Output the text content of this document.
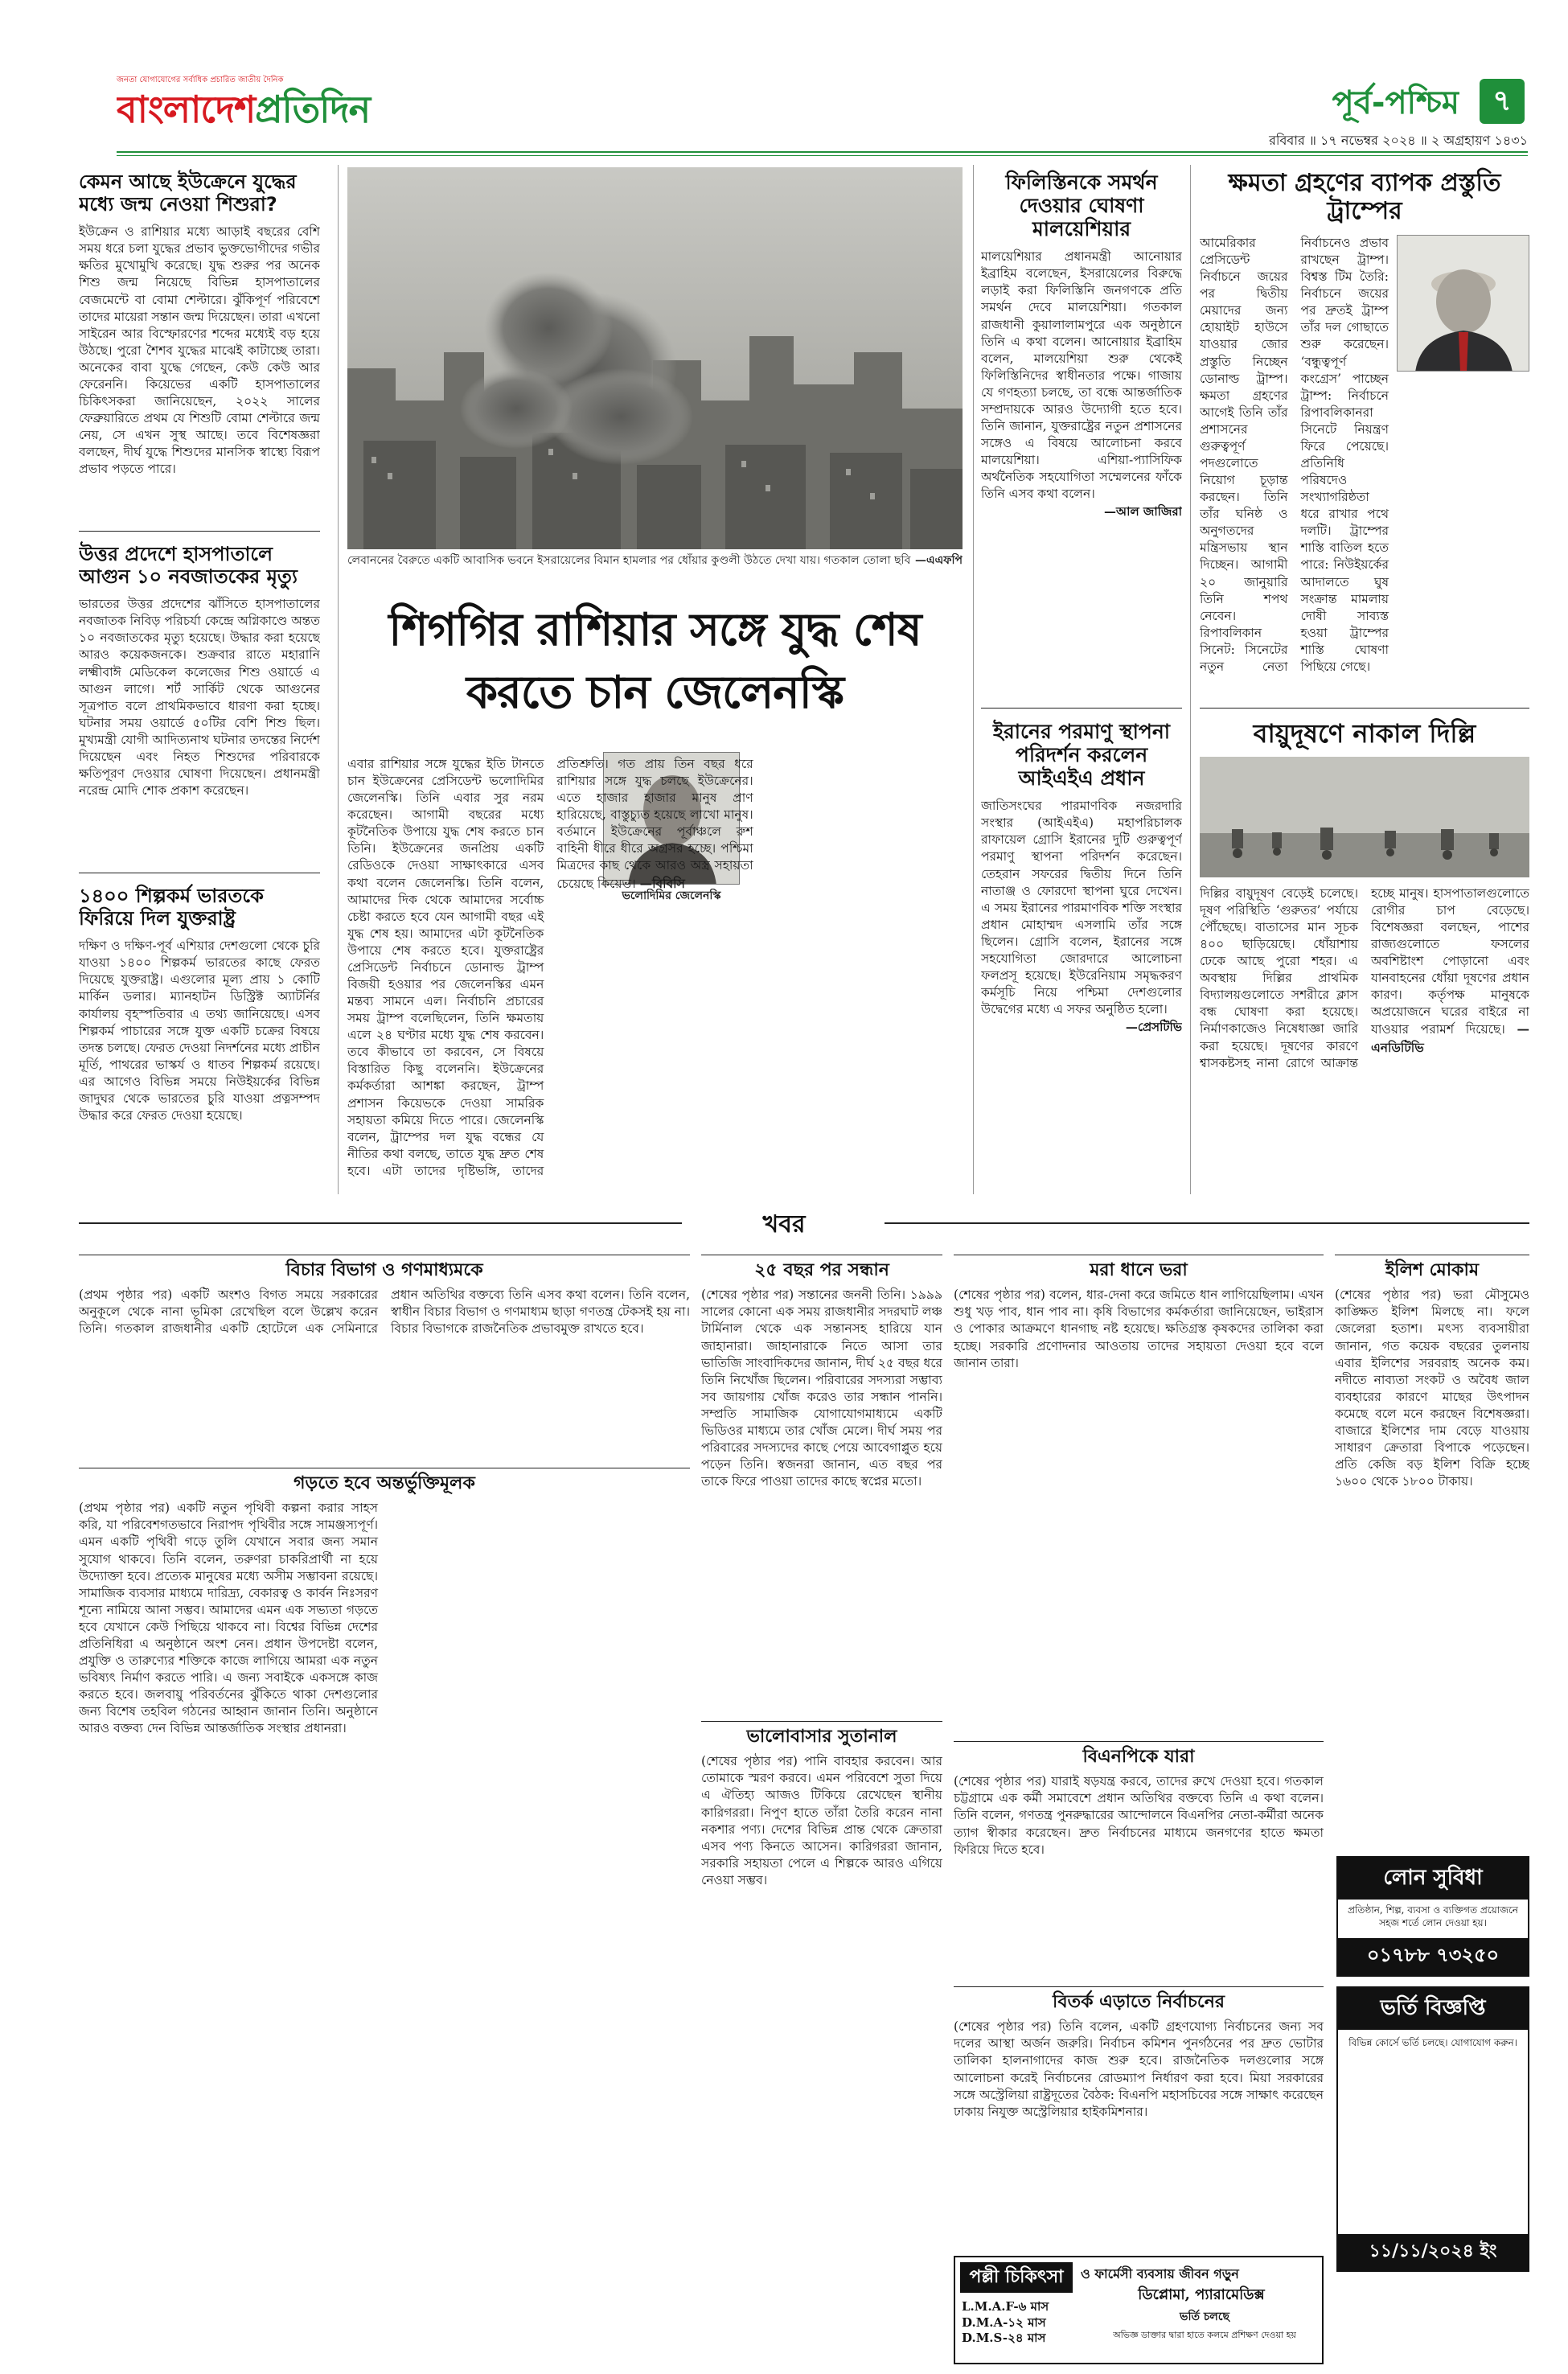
জনতা যোগাযোগের সর্বাধিক প্রচারিত জাতীয় দৈনিক
বাংলাদেশপ্রতিদিন	পূর্ব-পশ্চিম	৭
রবিবার ॥ ১৭ নভেম্বর ২০২৪ ॥ ২ অগ্রহায়ণ ১৪৩১
কেমন আছে ইউক্রেনে যুদ্ধের মধ্যে জন্ম নেওয়া শিশুরা?
ইউক্রেন ও রাশিয়ার মধ্যে আড়াই বছরের বেশি সময় ধরে চলা যুদ্ধের প্রভাব ভুক্তভোগীদের গভীর ক্ষতির মুখোমুখি করেছে। যুদ্ধ শুরুর পর অনেক শিশু জন্ম নিয়েছে বিভিন্ন হাসপাতালের বেজমেন্টে বা বোমা শেল্টারে। ঝুঁকিপূর্ণ পরিবেশে তাদের মায়েরা সন্তান জন্ম দিয়েছেন। তারা এখনো সাইরেন আর বিস্ফোরণের শব্দের মধ্যেই বড় হয়ে উঠছে। পুরো শৈশব যুদ্ধের মাঝেই কাটাচ্ছে তারা। অনেকের বাবা যুদ্ধে গেছেন, কেউ কেউ আর ফেরেননি। কিয়েভের একটি হাসপাতালের চিকিৎসকরা জানিয়েছেন, ২০২২ সালের ফেব্রুয়ারিতে প্রথম যে শিশুটি বোমা শেল্টারে জন্ম নেয়, সে এখন সুস্থ আছে। তবে বিশেষজ্ঞরা বলছেন, দীর্ঘ যুদ্ধে শিশুদের মানসিক স্বাস্থ্যে বিরূপ প্রভাব পড়তে পারে।
উত্তর প্রদেশে হাসপাতালে আগুন ১০ নবজাতকের মৃত্যু
ভারতের উত্তর প্রদেশের ঝাঁসিতে হাসপাতালের নবজাতক নিবিড় পরিচর্যা কেন্দ্রে অগ্নিকাণ্ডে অন্তত ১০ নবজাতকের মৃত্যু হয়েছে। উদ্ধার করা হয়েছে আরও কয়েকজনকে। শুক্রবার রাতে মহারানি লক্ষ্মীবাঈ মেডিকেল কলেজের শিশু ওয়ার্ডে এ আগুন লাগে। শর্ট সার্কিট থেকে আগুনের সূত্রপাত বলে প্রাথমিকভাবে ধারণা করা হচ্ছে। ঘটনার সময় ওয়ার্ডে ৫০টির বেশি শিশু ছিল। মুখ্যমন্ত্রী যোগী আদিত্যনাথ ঘটনার তদন্তের নির্দেশ দিয়েছেন এবং নিহত শিশুদের পরিবারকে ক্ষতিপূরণ দেওয়ার ঘোষণা দিয়েছেন। প্রধানমন্ত্রী নরেন্দ্র মোদি শোক প্রকাশ করেছেন।
১৪০০ শিল্পকর্ম ভারতকে ফিরিয়ে দিল যুক্তরাষ্ট্র
দক্ষিণ ও দক্ষিণ-পূর্ব এশিয়ার দেশগুলো থেকে চুরি যাওয়া ১৪০০ শিল্পকর্ম ভারতের কাছে ফেরত দিয়েছে যুক্তরাষ্ট্র। এগুলোর মূল্য প্রায় ১ কোটি মার্কিন ডলার। ম্যানহাটন ডিস্ট্রিক্ট অ্যাটর্নির কার্যালয় বৃহস্পতিবার এ তথ্য জানিয়েছে। এসব শিল্পকর্ম পাচারের সঙ্গে যুক্ত একটি চক্রের বিষয়ে তদন্ত চলছে। ফেরত দেওয়া নিদর্শনের মধ্যে প্রাচীন মূর্তি, পাথরের ভাস্কর্য ও ধাতব শিল্পকর্ম রয়েছে। এর আগেও বিভিন্ন সময়ে নিউইয়র্কের বিভিন্ন জাদুঘর থেকে ভারতের চুরি যাওয়া প্রত্নসম্পদ উদ্ধার করে ফেরত দেওয়া হয়েছে।
লেবাননের বৈরুতে একটি আবাসিক ভবনে ইসরায়েলের বিমান হামলার পর ধোঁয়ার কুণ্ডলী উঠতে দেখা যায়। গতকাল তোলা ছবি —এএফপি
শিগগির রাশিয়ার সঙ্গে যুদ্ধ শেষ করতে চান জেলেনস্কি
ভলোদিমির জেলেনস্কি
এবার রাশিয়ার সঙ্গে যুদ্ধের ইতি টানতে চান ইউক্রেনের প্রেসিডেন্ট ভলোদিমির জেলেনস্কি। তিনি এবার সুর নরম করেছেন। আগামী বছরের মধ্যে কূটনৈতিক উপায়ে যুদ্ধ শেষ করতে চান তিনি। ইউক্রেনের জনপ্রিয় একটি রেডিওকে দেওয়া সাক্ষাৎকারে এসব কথা বলেন জেলেনস্কি। তিনি বলেন, আমাদের দিক থেকে আমাদের সর্বোচ্চ চেষ্টা করতে হবে যেন আগামী বছর এই যুদ্ধ শেষ হয়। আমাদের এটা কূটনৈতিক উপায়ে শেষ করতে হবে। যুক্তরাষ্ট্রের প্রেসিডেন্ট নির্বাচনে ডোনাল্ড ট্রাম্প বিজয়ী হওয়ার পর জেলেনস্কির এমন মন্তব্য সামনে এল। নির্বাচনি প্রচারের সময় ট্রাম্প বলেছিলেন, তিনি ক্ষমতায় এলে ২৪ ঘণ্টার মধ্যে যুদ্ধ শেষ করবেন। তবে কীভাবে তা করবেন, সে বিষয়ে বিস্তারিত কিছু বলেননি। ইউক্রেনের কর্মকর্তারা আশঙ্কা করছেন, ট্রাম্প প্রশাসন কিয়েভকে দেওয়া সামরিক সহায়তা কমিয়ে দিতে পারে। জেলেনস্কি বলেন, ট্রাম্পের দল যুদ্ধ বন্ধের যে নীতির কথা বলছে, তাতে যুদ্ধ দ্রুত শেষ হবে। এটা তাদের দৃষ্টিভঙ্গি, তাদের প্রতিশ্রুতি। গত প্রায় তিন বছর ধরে রাশিয়ার সঙ্গে যুদ্ধ চলছে ইউক্রেনের। এতে হাজার হাজার মানুষ প্রাণ হারিয়েছে, বাস্তুচ্যুত হয়েছে লাখো মানুষ। বর্তমানে ইউক্রেনের পূর্বাঞ্চলে রুশ বাহিনী ধীরে ধীরে অগ্রসর হচ্ছে। পশ্চিমা মিত্রদের কাছ থেকে আরও অস্ত্র সহায়তা চেয়েছে কিয়েভ। —বিবিসি
ফিলিস্তিনকে সমর্থন দেওয়ার ঘোষণা মালয়েশিয়ার
মালয়েশিয়ার প্রধানমন্ত্রী আনোয়ার ইব্রাহিম বলেছেন, ইসরায়েলের বিরুদ্ধে লড়াই করা ফিলিস্তিনি জনগণকে প্রতি সমর্থন দেবে মালয়েশিয়া। গতকাল রাজধানী কুয়ালালামপুরে এক অনুষ্ঠানে তিনি এ কথা বলেন। আনোয়ার ইব্রাহিম বলেন, মালয়েশিয়া শুরু থেকেই ফিলিস্তিনিদের স্বাধীনতার পক্ষে। গাজায় যে গণহত্যা চলছে, তা বন্ধে আন্তর্জাতিক সম্প্রদায়কে আরও উদ্যোগী হতে হবে। তিনি জানান, যুক্তরাষ্ট্রের নতুন প্রশাসনের সঙ্গেও এ বিষয়ে আলোচনা করবে মালয়েশিয়া। এশিয়া-প্যাসিফিক অর্থনৈতিক সহযোগিতা সম্মেলনের ফাঁকে তিনি এসব কথা বলেন।
—আল জাজিরা
ইরানের পরমাণু স্থাপনা পরিদর্শন করলেন আইএইএ প্রধান
জাতিসংঘের পারমাণবিক নজরদারি সংস্থার (আইএইএ) মহাপরিচালক রাফায়েল গ্রোসি ইরানের দুটি গুরুত্বপূর্ণ পরমাণু স্থাপনা পরিদর্শন করেছেন। তেহরান সফরের দ্বিতীয় দিনে তিনি নাতাঞ্জ ও ফোরদো স্থাপনা ঘুরে দেখেন। এ সময় ইরানের পারমাণবিক শক্তি সংস্থার প্রধান মোহাম্মদ এসলামি তাঁর সঙ্গে ছিলেন। গ্রোসি বলেন, ইরানের সঙ্গে সহযোগিতা জোরদারে আলোচনা ফলপ্রসূ হয়েছে। ইউরেনিয়াম সমৃদ্ধকরণ কর্মসূচি নিয়ে পশ্চিমা দেশগুলোর উদ্বেগের মধ্যে এ সফর অনুষ্ঠিত হলো।
—প্রেসটিভি
ক্ষমতা গ্রহণের ব্যাপক প্রস্তুতি ট্রাম্পের
আমেরিকার প্রেসিডেন্ট নির্বাচনে জয়ের পর দ্বিতীয় মেয়াদের জন্য হোয়াইট হাউসে যাওয়ার জোর প্রস্তুতি নিচ্ছেন ডোনাল্ড ট্রাম্প। ক্ষমতা গ্রহণের আগেই তিনি তাঁর প্রশাসনের গুরুত্বপূর্ণ পদগুলোতে নিয়োগ চূড়ান্ত করছেন। তিনি তাঁর ঘনিষ্ঠ ও অনুগতদের মন্ত্রিসভায় স্থান দিচ্ছেন। আগামী ২০ জানুয়ারি তিনি শপথ নেবেন। রিপাবলিকান সিনেট: সিনেটের নতুন নেতা নির্বাচনেও প্রভাব রাখছেন ট্রাম্প। বিশ্বস্ত টিম তৈরি: নির্বাচনে জয়ের পর দ্রুতই ট্রাম্প তাঁর দল গোছাতে শুরু করেছেন। ‘বন্ধুত্বপূর্ণ কংগ্রেস’ পাচ্ছেন ট্রাম্প: নির্বাচনে রিপাবলিকানরা সিনেটে নিয়ন্ত্রণ ফিরে পেয়েছে। প্রতিনিধি পরিষদেও সংখ্যাগরিষ্ঠতা ধরে রাখার পথে দলটি। ট্রাম্পের শাস্তি বাতিল হতে পারে: নিউইয়র্কের আদালতে ঘুষ সংক্রান্ত মামলায় দোষী সাব্যস্ত হওয়া ট্রাম্পের শাস্তি ঘোষণা পিছিয়ে গেছে।
বায়ুদূষণে নাকাল দিল্লি
দিল্লির বায়ুদূষণ বেড়েই চলেছে। দূষণ পরিস্থিতি ‘গুরুতর’ পর্যায়ে পৌঁছেছে। বাতাসের মান সূচক ৪০০ ছাড়িয়েছে। ধোঁয়াশায় ঢেকে আছে পুরো শহর। এ অবস্থায় দিল্লির প্রাথমিক বিদ্যালয়গুলোতে সশরীরে ক্লাস বন্ধ ঘোষণা করা হয়েছে। নির্মাণকাজেও নিষেধাজ্ঞা জারি করা হয়েছে। দূষণের কারণে শ্বাসকষ্টসহ নানা রোগে আক্রান্ত হচ্ছে মানুষ। হাসপাতালগুলোতে রোগীর চাপ বেড়েছে। বিশেষজ্ঞরা বলছেন, পাশের রাজ্যগুলোতে ফসলের অবশিষ্টাংশ পোড়ানো এবং যানবাহনের ধোঁয়া দূষণের প্রধান কারণ। কর্তৃপক্ষ মানুষকে অপ্রয়োজনে ঘরের বাইরে না যাওয়ার পরামর্শ দিয়েছে। —এনডিটিভি
খবর
বিচার বিভাগ ও গণমাধ্যমকে
(প্রথম পৃষ্ঠার পর) একটি অংশও বিগত সময়ে সরকারের অনুকূলে থেকে নানা ভূমিকা রেখেছিল বলে উল্লেখ করেন তিনি। গতকাল রাজধানীর একটি হোটেলে এক সেমিনারে প্রধান অতিথির বক্তব্যে তিনি এসব কথা বলেন। তিনি বলেন, স্বাধীন বিচার বিভাগ ও গণমাধ্যম ছাড়া গণতন্ত্র টেকসই হয় না। বিচার বিভাগকে রাজনৈতিক প্রভাবমুক্ত রাখতে হবে।
গড়তে হবে অন্তর্ভুক্তিমূলক
(প্রথম পৃষ্ঠার পর) একটি নতুন পৃথিবী কল্পনা করার সাহস করি, যা পরিবেশগতভাবে নিরাপদ পৃথিবীর সঙ্গে সামঞ্জস্যপূর্ণ। এমন একটি পৃথিবী গড়ে তুলি যেখানে সবার জন্য সমান সুযোগ থাকবে। তিনি বলেন, তরুণরা চাকরিপ্রার্থী না হয়ে উদ্যোক্তা হবে। প্রত্যেক মানুষের মধ্যে অসীম সম্ভাবনা রয়েছে। সামাজিক ব্যবসার মাধ্যমে দারিদ্র্য, বেকারত্ব ও কার্বন নিঃসরণ শূন্যে নামিয়ে আনা সম্ভব। আমাদের এমন এক সভ্যতা গড়তে হবে যেখানে কেউ পিছিয়ে থাকবে না। বিশ্বের বিভিন্ন দেশের প্রতিনিধিরা এ অনুষ্ঠানে অংশ নেন। প্রধান উপদেষ্টা বলেন, প্রযুক্তি ও তারুণ্যের শক্তিকে কাজে লাগিয়ে আমরা এক নতুন ভবিষ্যৎ নির্মাণ করতে পারি। এ জন্য সবাইকে একসঙ্গে কাজ করতে হবে। জলবায়ু পরিবর্তনের ঝুঁকিতে থাকা দেশগুলোর জন্য বিশেষ তহবিল গঠনের আহ্বান জানান তিনি। অনুষ্ঠানে আরও বক্তব্য দেন বিভিন্ন আন্তর্জাতিক সংস্থার প্রধানরা।
২৫ বছর পর সন্ধান
(শেষের পৃষ্ঠার পর) সন্তানের জননী তিনি। ১৯৯৯ সালের কোনো এক সময় রাজধানীর সদরঘাট লঞ্চ টার্মিনাল থেকে এক সন্তানসহ হারিয়ে যান জাহানারা। জাহানারাকে নিতে আসা তার ভাতিজি সাংবাদিকদের জানান, দীর্ঘ ২৫ বছর ধরে তিনি নিখোঁজ ছিলেন। পরিবারের সদস্যরা সম্ভাব্য সব জায়গায় খোঁজ করেও তার সন্ধান পাননি। সম্প্রতি সামাজিক যোগাযোগমাধ্যমে একটি ভিডিওর মাধ্যমে তার খোঁজ মেলে। দীর্ঘ সময় পর পরিবারের সদস্যদের কাছে পেয়ে আবেগাপ্লুত হয়ে পড়েন তিনি। স্বজনরা জানান, এত বছর পর তাকে ফিরে পাওয়া তাদের কাছে স্বপ্নের মতো।
ভালোবাসার সুতানাল
(শেষের পৃষ্ঠার পর) পানি বাবহার করবেন। আর তোমাকে স্মরণ করবে। এমন পরিবেশে সুতা দিয়ে এ ঐতিহ্য আজও টিকিয়ে রেখেছেন স্থানীয় কারিগররা। নিপুণ হাতে তাঁরা তৈরি করেন নানা নকশার পণ্য। দেশের বিভিন্ন প্রান্ত থেকে ক্রেতারা এসব পণ্য কিনতে আসেন। কারিগররা জানান, সরকারি সহায়তা পেলে এ শিল্পকে আরও এগিয়ে নেওয়া সম্ভব।
মরা ধানে ভরা
(শেষের পৃষ্ঠার পর) বলেন, ধার-দেনা করে জমিতে ধান লাগিয়েছিলাম। এখন শুধু খড় পাব, ধান পাব না। কৃষি বিভাগের কর্মকর্তারা জানিয়েছেন, ভাইরাস ও পোকার আক্রমণে ধানগাছ নষ্ট হয়েছে। ক্ষতিগ্রস্ত কৃষকদের তালিকা করা হচ্ছে। সরকারি প্রণোদনার আওতায় তাদের সহায়তা দেওয়া হবে বলে জানান তারা।
বিএনপিকে যারা
(শেষের পৃষ্ঠার পর) যারাই ষড়যন্ত্র করবে, তাদের রুখে দেওয়া হবে। গতকাল চট্টগ্রামে এক কর্মী সমাবেশে প্রধান অতিথির বক্তব্যে তিনি এ কথা বলেন। তিনি বলেন, গণতন্ত্র পুনরুদ্ধারের আন্দোলনে বিএনপির নেতা-কর্মীরা অনেক ত্যাগ স্বীকার করেছেন। দ্রুত নির্বাচনের মাধ্যমে জনগণের হাতে ক্ষমতা ফিরিয়ে দিতে হবে।
বিতর্ক এড়াতে নির্বাচনের
(শেষের পৃষ্ঠার পর) তিনি বলেন, একটি গ্রহণযোগ্য নির্বাচনের জন্য সব দলের আস্থা অর্জন জরুরি। নির্বাচন কমিশন পুনর্গঠনের পর দ্রুত ভোটার তালিকা হালনাগাদের কাজ শুরু হবে। রাজনৈতিক দলগুলোর সঙ্গে আলোচনা করেই নির্বাচনের রোডম্যাপ নির্ধারণ করা হবে। মিয়া সরকারের সঙ্গে অস্ট্রেলিয়া রাষ্ট্রদূতের বৈঠক: বিএনপি মহাসচিবের সঙ্গে সাক্ষাৎ করেছেন ঢাকায় নিযুক্ত অস্ট্রেলিয়ার হাইকমিশনার।
ইলিশ মোকাম
(শেষের পৃষ্ঠার পর) ভরা মৌসুমেও কাঙ্ক্ষিত ইলিশ মিলছে না। ফলে জেলেরা হতাশ। মৎস্য ব্যবসায়ীরা জানান, গত কয়েক বছরের তুলনায় এবার ইলিশের সরবরাহ অনেক কম। নদীতে নাব্যতা সংকট ও অবৈধ জাল ব্যবহারের কারণে মাছের উৎপাদন কমেছে বলে মনে করছেন বিশেষজ্ঞরা। বাজারে ইলিশের দাম বেড়ে যাওয়ায় সাধারণ ক্রেতারা বিপাকে পড়েছেন। প্রতি কেজি বড় ইলিশ বিক্রি হচ্ছে ১৬০০ থেকে ১৮০০ টাকায়।
লোন সুবিধা
প্রতিষ্ঠান, শিল্প, ব্যবসা ও ব্যক্তিগত প্রয়োজনে সহজ শর্তে লোন দেওয়া হয়।
০১৭৮৮ ৭৩২৫০
ভর্তি বিজ্ঞপ্তি
বিভিন্ন কোর্সে ভর্তি চলছে। যোগাযোগ করুন।
১১/১১/২০২৪ ইং
পল্লী চিকিৎসা	ও ফার্মেসী ব্যবসায় জীবন গড়ুন
ডিপ্লোমা, প্যারামেডিক্স
L.M.A.F-৬ মাস
D.M.A-১২ মাস
D.M.S-২৪ মাস
ভর্তি চলছে
অভিজ্ঞ ডাক্তার দ্বারা হাতে কলমে প্রশিক্ষণ দেওয়া হয়
